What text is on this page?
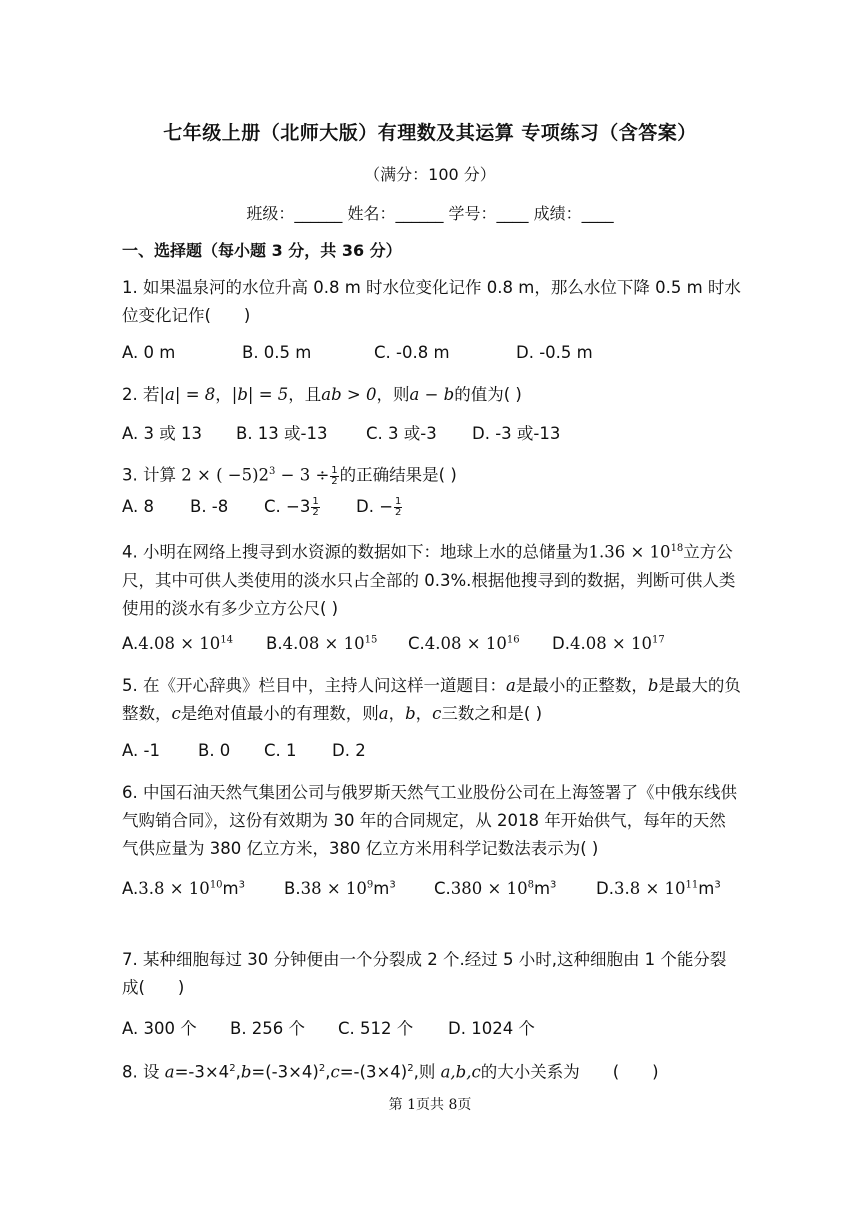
七年级上册（北师大版）有理数及其运算 专项练习（含答案）
（满分：100 分）
班级：______ 姓名：______ 学号：____ 成绩：____
一、选择题（每小题 3 分，共 36 分）
1. 如果温泉河的水位升高 0.8 m 时水位变化记作 0.8 m，那么水位下降 0.5 m 时水位变化记作(　　)
A. 0 m	B. 0.5 m	C. -0.8 m	D. -0.5 m
2. 若|a| = 8，|b| = 5，且ab > 0，则a − b的值为( )
A. 3 或 13 B. 13 或-13 C. 3 或-3 D. -3 或-13
3. 计算 2 × ( $-5)2^3 - 3 \div \frac{1}{2}$ 的正确结果是( )
A. 8 B. -8 C. $-3 \frac{1}{2} D$. − $\frac{1}{2}$
4. 小明在网络上搜寻到水资源的数据如下：地球上水的总储量为$1.36 \times 10^{18}$立方公尺，其中可供人类使用的淡水只占全部的 0.3%.根据他搜寻到的数据，判断可供人类使用的淡水有多少立方公尺( )
$A.4.08 \times 10^{14}$ $B.4.08 \times 10^{15}$ $C.4.08 \times 10^{16}$ $D.4.08 \times 10^{17}$
5. 在《开心辞典》栏目中，主持人问这样一道题目：a是最小的正整数，b是最大的负整数，c是绝对值最小的有理数，则a，b，c三数之和是( )
A. -1 B. 0 C. 1 D. 2
6. 中国石油天然气集团公司与俄罗斯天然气工业股份公司在上海签署了《中俄东线供气购销合同》，这份有效期为 30 年的合同规定，从 2018 年开始供气，每年的天然气供应量为 380 亿立方米，380 亿立方米用科学记数法表示为( )
$A.3.8 \times 10^{10}m^3$ $B.38 \times 10^9m^3$ $C.380 \times 10^8m^3$ $D.3.8 \times 10^{11}m^3$
7. 某种细胞每过 30 分钟便由一个分裂成 2 个.经过 5 小时,这种细胞由 1 个能分裂成(　　)
A. 300 个 B. 256 个 C. 512 个 D. 1024 个
8. 设 $a=-3\times 4^2,b=(-3\times 4)^2,c=-(3\times 4)^2$,则 a,b,c的大小关系为　　(　　)
第 1页共 8页
